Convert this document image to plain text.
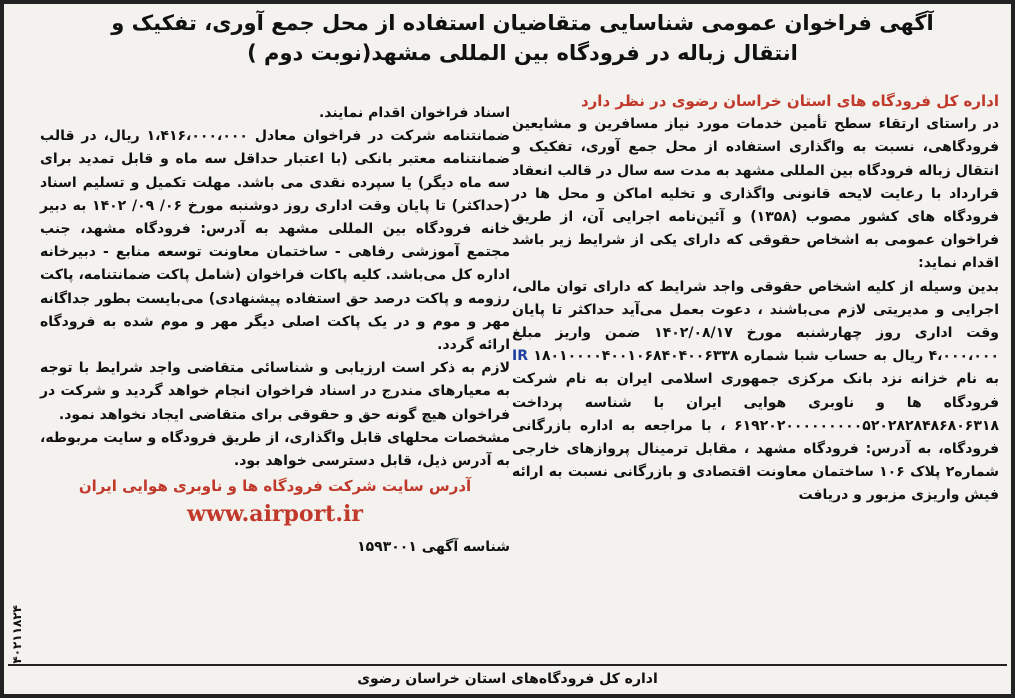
آگهی فراخوان عمومی شناسایی متقاضیان استفاده از محل جمع آوری، تفکیک و
انتقال زباله در فرودگاه بین المللی مشهد(نوبت دوم )

اداره کل فرودگاه های استان خراسان رضوی در نظر دارد

در راستای ارتقاء سطح تأمین خدمات مورد نیاز مسافرین و مشایعین فرودگاهی، نسبت به واگذاری استفاده از محل جمع آوری، تفکیک و انتقال زباله فرودگاه بین المللی مشهد به مدت سه سال در قالب انعقاد قرارداد با رعایت لایحه قانونی واگذاری و تخلیه اماکن و محل ها در فرودگاه های کشور مصوب (۱۳۵۸) و آئین‌نامه اجرایی آن، از طریق فراخوان عمومی به اشخاص حقوقی که دارای یکی از شرایط زیر باشد اقدام نماید:

بدین وسیله از کلیه اشخاص حقوقی واجد شرایط که دارای توان مالی، اجرایی و مدیریتی لازم می‌باشند ، دعوت بعمل می‌آید حداکثر تا پایان وقت اداری روز چهارشنبه مورخ ۱۴۰۲/۰۸/۱۷ ضمن واریز مبلغ ۴،۰۰۰،۰۰۰ ریال به حساب شبا شماره IR ۱۸۰۱۰۰۰۰۴۰۰۱۰۶۸۴۰۴۰۰۶۳۳۸ به نام خزانه نزد بانک مرکزی جمهوری اسلامی ایران به نام شرکت فرودگاه ها و ناوبری هوایی ایران با شناسه پرداخت ۶۱۹۲۰۲۰۰۰۰۰۰۰۰۰۵۲۰۲۸۲۸۴۸۶۸۰۶۳۱۸ ، با مراجعه به اداره بازرگانی فرودگاه، به آدرس: فرودگاه مشهد ، مقابل ترمینال پروازهای خارجی شماره۲ پلاک ۱۰۶ ساختمان معاونت اقتصادی و بازرگانی نسبت به ارائه فیش واریزی مزبور و دریافت

اسناد فراخوان اقدام نمایند.

ضمانتنامه شرکت در فراخوان معادل ۱،۴۱۶،۰۰۰،۰۰۰ ریال، در قالب ضمانتنامه معتبر بانکی (با اعتبار حداقل سه ماه و قابل تمدید برای سه ماه دیگر) یا سپرده نقدی می باشد. مهلت تکمیل و تسلیم اسناد (حداکثر) تا پایان وقت اداری روز دوشنبه مورخ ۰۶/ ۰۹/ ۱۴۰۲ به دبیر خانه فرودگاه بین المللی مشهد به آدرس: فرودگاه مشهد، جنب مجتمع آموزشی رفاهی - ساختمان معاونت توسعه منابع - دبیرخانه اداره کل می‌باشد. کلیه پاکات فراخوان (شامل پاکت ضمانتنامه، پاکت رزومه و پاکت درصد حق استفاده پیشنهادی) می‌بایست بطور جداگانه مهر و موم و در یک پاکت اصلی دیگر مهر و موم شده به فرودگاه ارائه گردد.

لازم به ذکر است ارزیابی و شناسائی متقاضی واجد شرایط با توجه به معیارهای مندرج در اسناد فراخوان انجام خواهد گردید و شرکت در فراخوان هیچ گونه حق و حقوقی برای متقاضی ایجاد نخواهد نمود.

مشخصات محلهای قابل واگذاری، از طریق فرودگاه و سایت مربوطه، به آدرس ذیل، قابل دسترسی خواهد بود.

آدرس سایت شرکت فرودگاه ها و ناوبری هوایی ایران

www.airport.ir

شناسه آگهی ۱۵۹۳۰۰۱

۴۰۲۱۱۸۲۴
اداره کل فرودگاه‌های استان خراسان رضوی
